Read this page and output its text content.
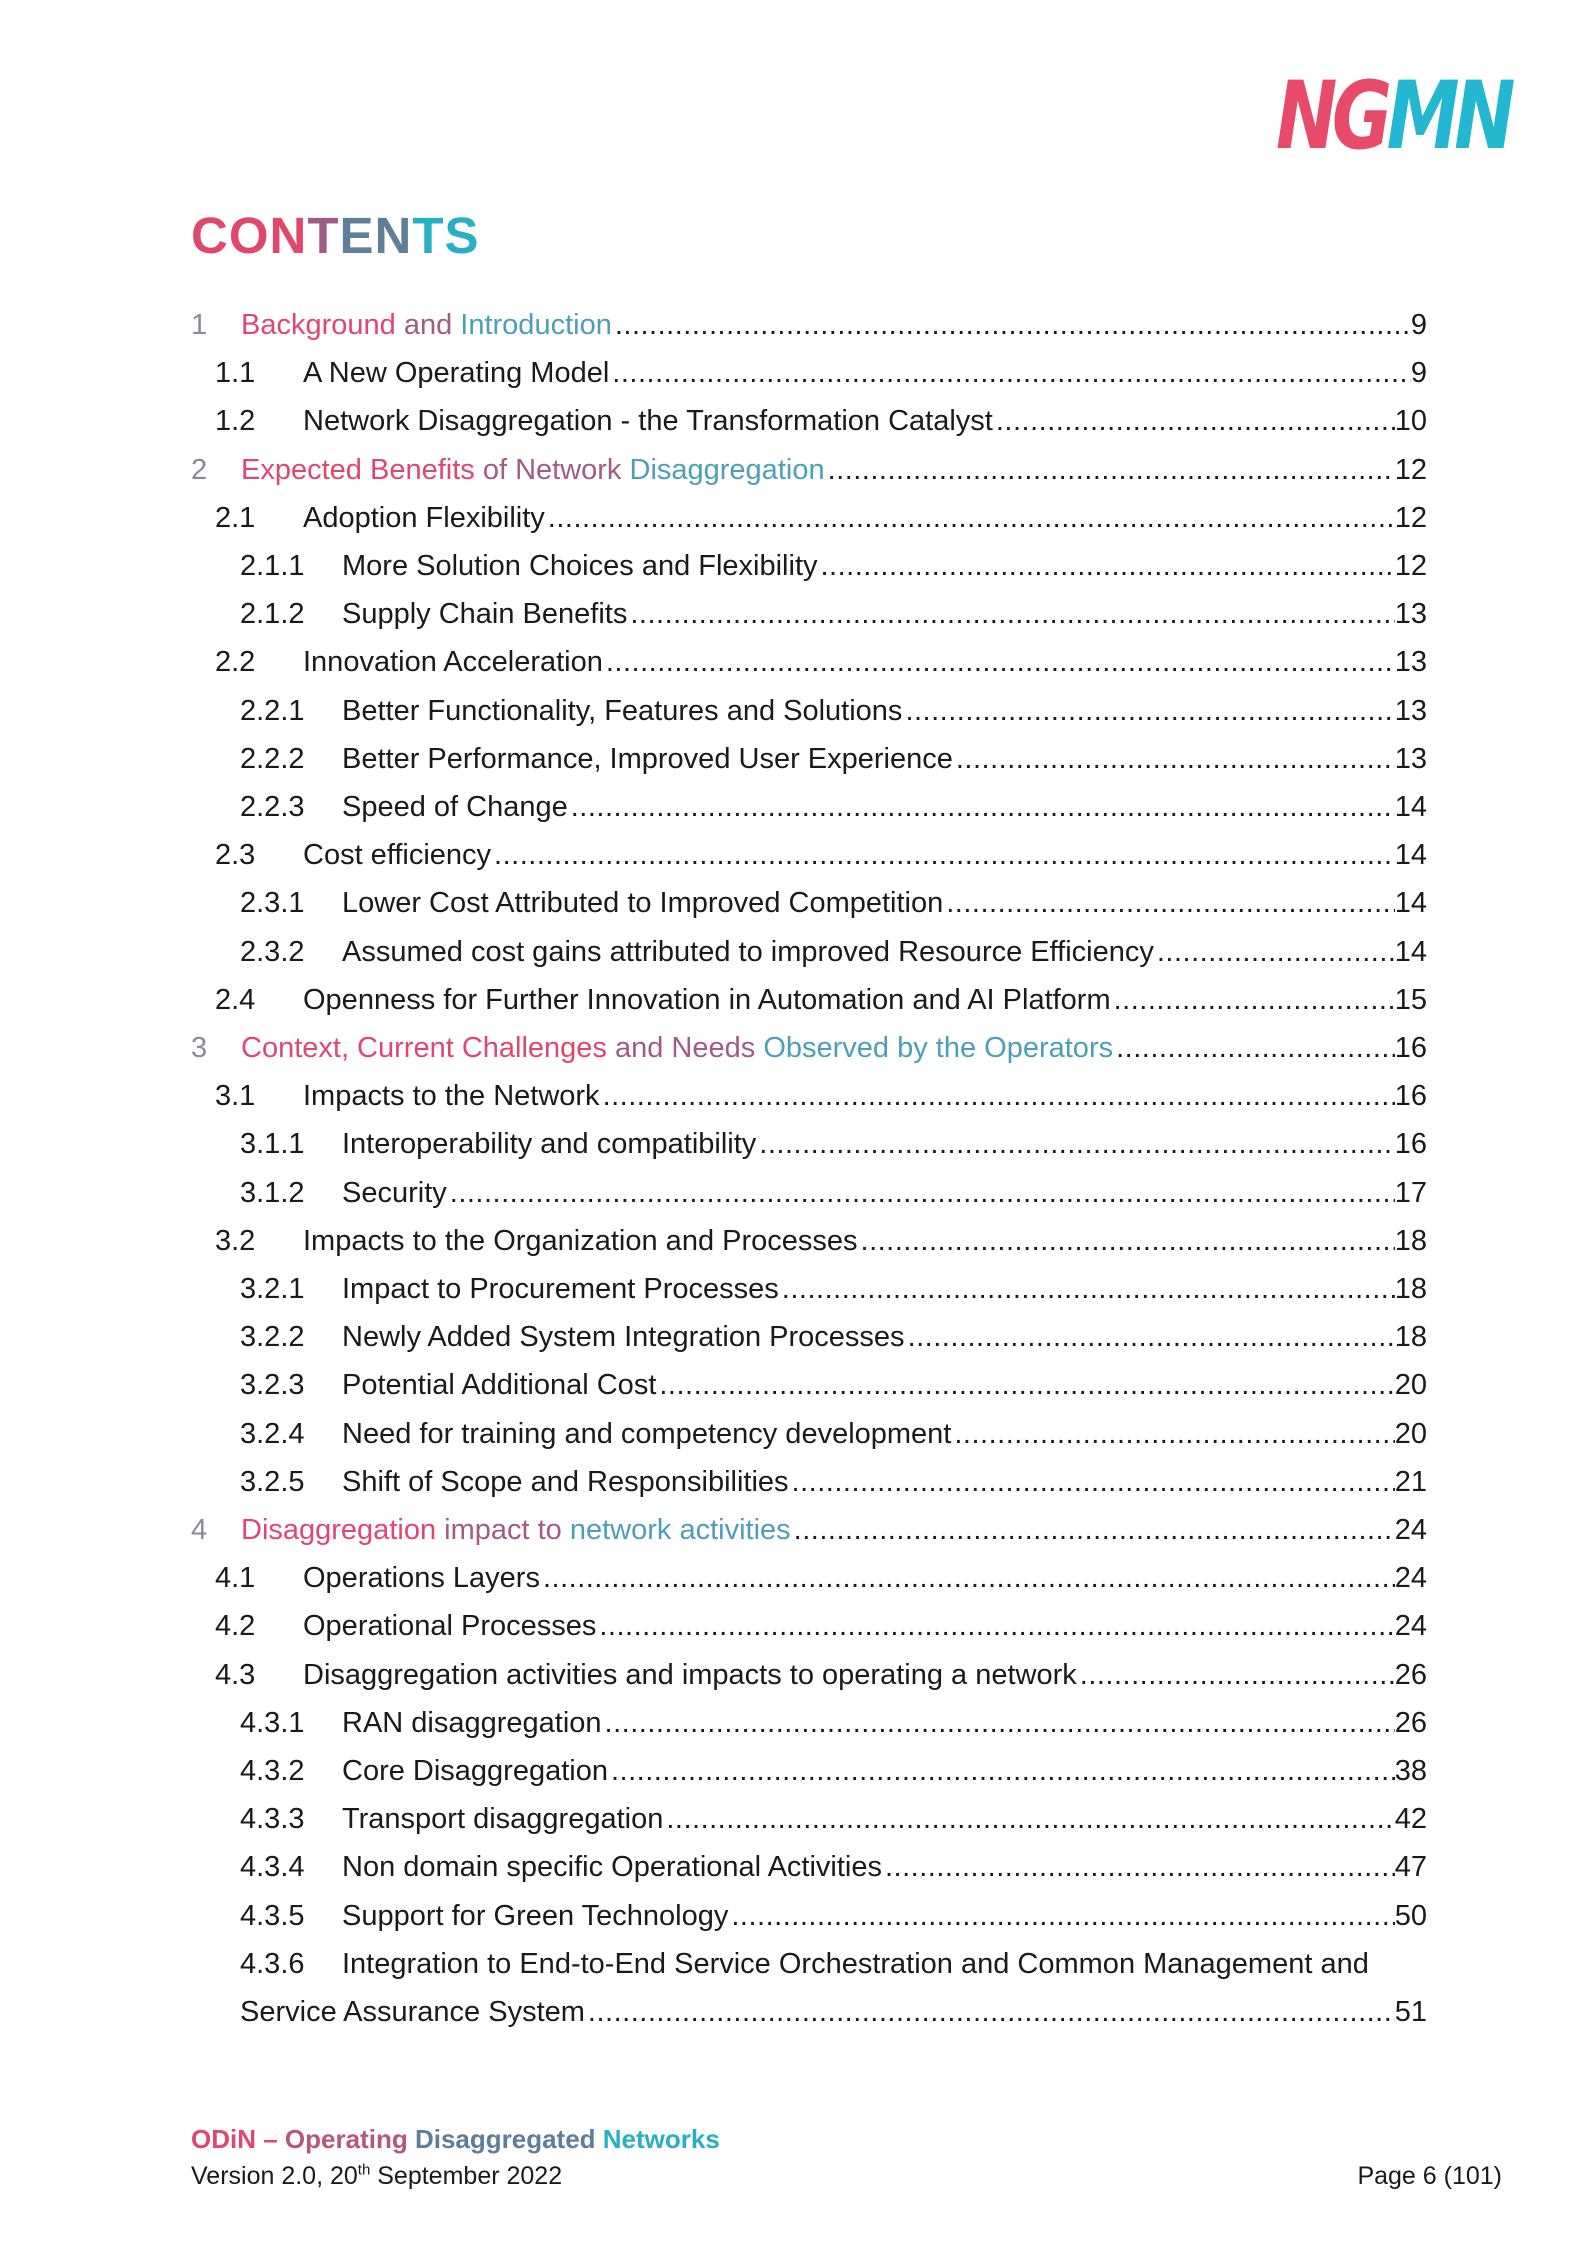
NGMN
CONTENTS
1	Background and Introduction .....	9
1.1	A New Operating Model .....	9
1.2	Network Disaggregation - the Transformation Catalyst .....	10
2	Expected Benefits of Network Disaggregation .....	12
2.1	Adoption Flexibility .....	12
2.1.1	More Solution Choices and Flexibility .....	12
2.1.2	Supply Chain Benefits .....	13
2.2	Innovation Acceleration .....	13
2.2.1	Better Functionality, Features and Solutions .....	13
2.2.2	Better Performance, Improved User Experience .....	13
2.2.3	Speed of Change .....	14
2.3	Cost efficiency .....	14
2.3.1	Lower Cost Attributed to Improved Competition .....	14
2.3.2	Assumed cost gains attributed to improved Resource Efficiency .....	14
2.4	Openness for Further Innovation in Automation and AI Platform .....	15
3	Context, Current Challenges and Needs Observed by the Operators .....	16
3.1	Impacts to the Network .....	16
3.1.1	Interoperability and compatibility .....	16
3.1.2	Security .....	17
3.2	Impacts to the Organization and Processes .....	18
3.2.1	Impact to Procurement Processes .....	18
3.2.2	Newly Added System Integration Processes .....	18
3.2.3	Potential Additional Cost .....	20
3.2.4	Need for training and competency development .....	20
3.2.5	Shift of Scope and Responsibilities .....	21
4	Disaggregation impact to network activities .....	24
4.1	Operations Layers .....	24
4.2	Operational Processes .....	24
4.3	Disaggregation activities and impacts to operating a network .....	26
4.3.1	RAN disaggregation .....	26
4.3.2	Core Disaggregation .....	38
4.3.3	Transport disaggregation .....	42
4.3.4	Non domain specific Operational Activities .....	47
4.3.5	Support for Green Technology .....	50
4.3.6	Integration to End-to-End Service Orchestration and Common Management and
Service Assurance System .....	51
ODiN – Operating Disaggregated Networks
Version 2.0, 20th September 2022	Page 6 (101)
